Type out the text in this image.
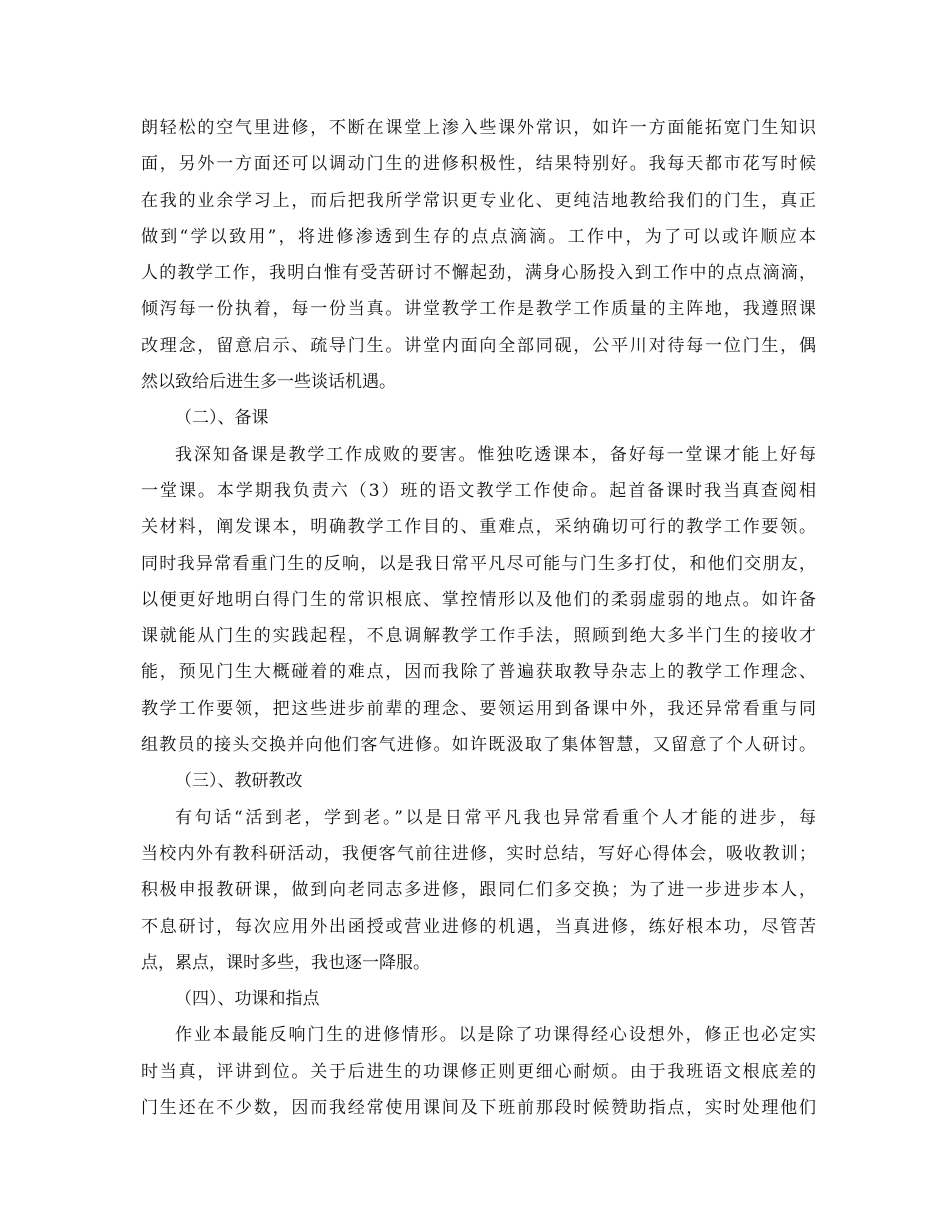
朗轻松的空气里进修，不断在课堂上渗入些课外常识，如许一方面能拓宽门生知识
面，另外一方面还可以调动门生的进修积极性，结果特别好。我每天都市花写时候
在我的业余学习上，而后把我所学常识更专业化、更纯洁地教给我们的门生，真正
做到“学以致用”，将进修渗透到生存的点点滴滴。工作中，为了可以或许顺应本
人的教学工作，我明白惟有受苦研讨不懈起劲，满身心肠投入到工作中的点点滴滴，
倾泻每一份执着，每一份当真。讲堂教学工作是教学工作质量的主阵地，我遵照课
改理念，留意启示、疏导门生。讲堂内面向全部同砚，公平川对待每一位门生，偶
然以致给后进生多一些谈话机遇。
（二）、备课
我深知备课是教学工作成败的要害。惟独吃透课本，备好每一堂课才能上好每
一堂课。本学期我负责六（3）班的语文教学工作使命。起首备课时我当真查阅相
关材料，阐发课本，明确教学工作目的、重难点，采纳确切可行的教学工作要领。
同时我异常看重门生的反响，以是我日常平凡尽可能与门生多打仗，和他们交朋友，
以便更好地明白得门生的常识根底、掌控情形以及他们的柔弱虚弱的地点。如许备
课就能从门生的实践起程，不息调解教学工作手法，照顾到绝大多半门生的接收才
能，预见门生大概碰着的难点，因而我除了普遍获取教导杂志上的教学工作理念、
教学工作要领，把这些进步前辈的理念、要领运用到备课中外，我还异常看重与同
组教员的接头交换并向他们客气进修。如许既汲取了集体智慧，又留意了个人研讨。
（三）、教研教改
有句话“活到老，学到老。”以是日常平凡我也异常看重个人才能的进步，每
当校内外有教科研活动，我便客气前往进修，实时总结，写好心得体会，吸收教训；
积极申报教研课，做到向老同志多进修，跟同仁们多交换；为了进一步进步本人，
不息研讨，每次应用外出函授或营业进修的机遇，当真进修，练好根本功，尽管苦
点，累点，课时多些，我也逐一降服。
（四）、功课和指点
作业本最能反响门生的进修情形。以是除了功课得经心设想外，修正也必定实
时当真，评讲到位。关于后进生的功课修正则更细心耐烦。由于我班语文根底差的
门生还在不少数，因而我经常使用课间及下班前那段时候赞助指点，实时处理他们
